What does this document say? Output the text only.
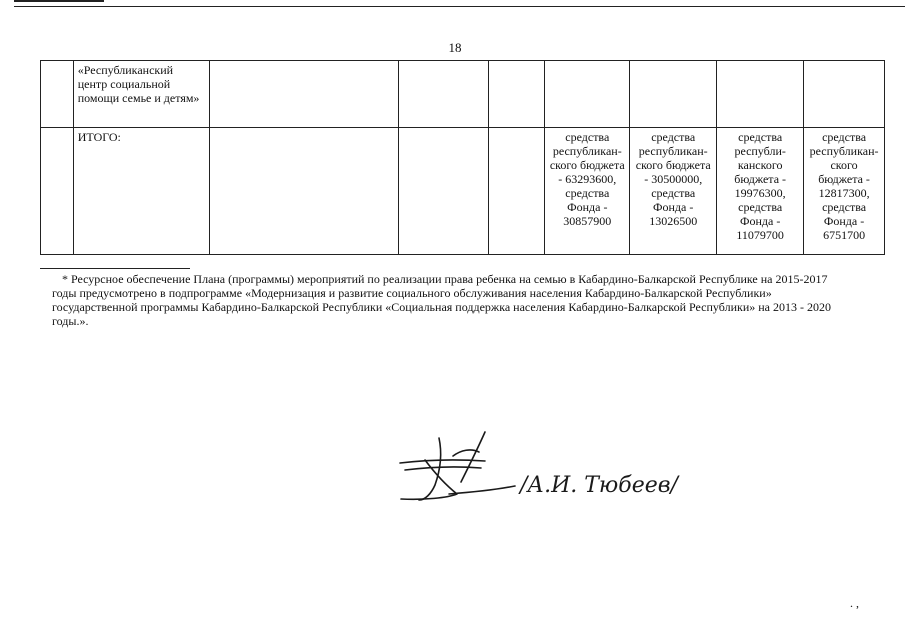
18
	«Республиканский центр социальной помощи семье и детям»							
	ИТОГО:				средства республикан-ского бюджета - 63293600, средства Фонда - 30857900	средства республикан-ского бюджета - 30500000, средства Фонда - 13026500	средства республи-канского бюджета - 19976300, средства Фонда - 11079700	средства республикан-ского бюджета - 12817300, средства Фонда - 6751700
* Ресурсное обеспечение Плана (программы) мероприятий по реализации права ребенка на семью в Кабардино-Балкарской Республике на 2015-2017 годы предусмотрено в подпрограмме «Модернизация и развитие социального обслуживания населения Кабардино-Балкарской Республики» государственной программы Кабардино-Балкарской Республики «Социальная поддержка населения Кабардино-Балкарской Республики» на 2013 - 2020 годы.».
/А.И. Тюбеев/
. ,
